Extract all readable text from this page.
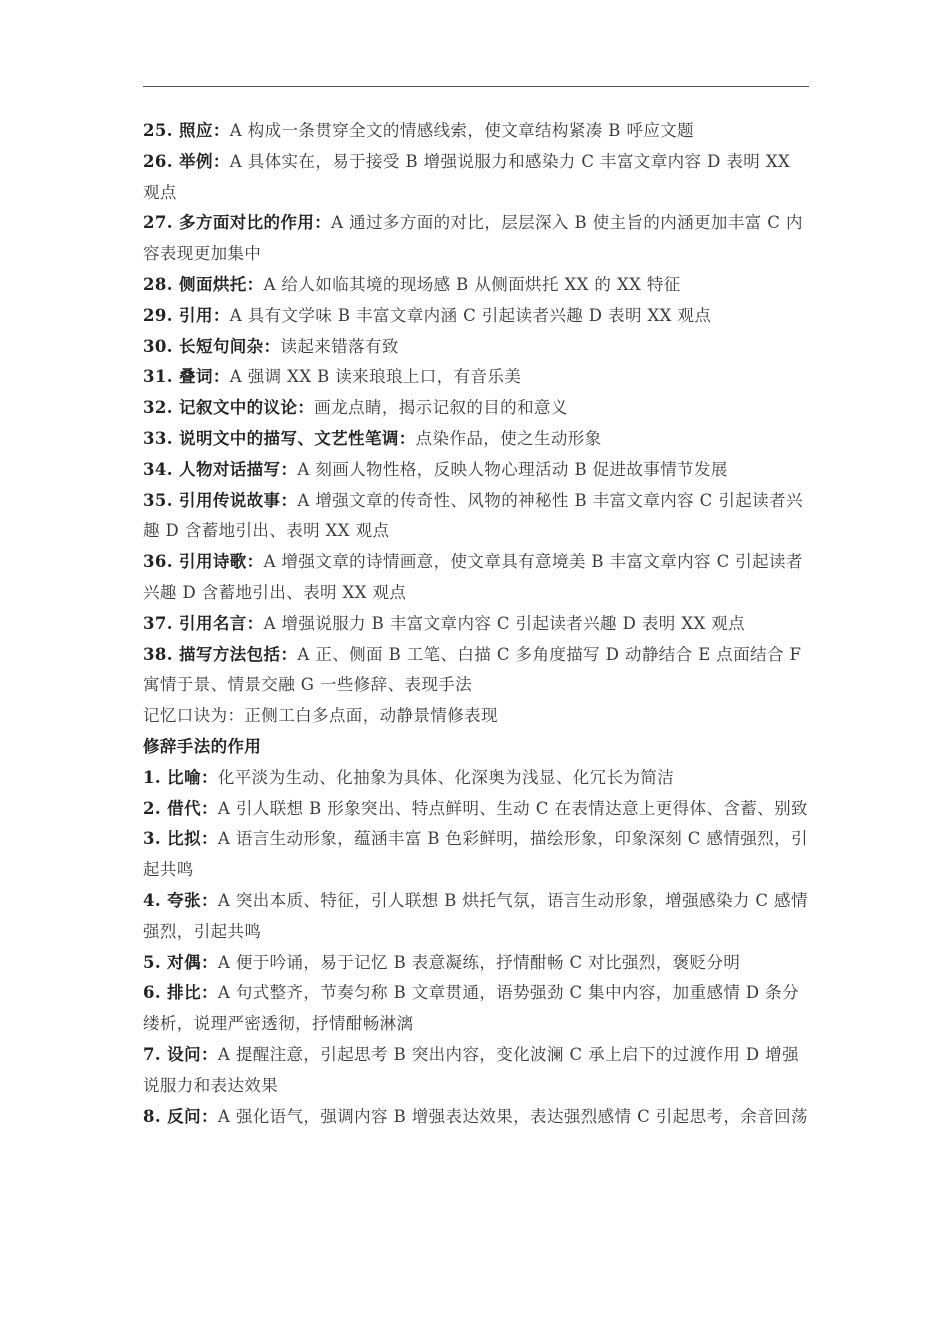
25. 照应：A 构成一条贯穿全文的情感线索，使文章结构紧凑 B 呼应文题

26. 举例：A 具体实在，易于接受 B 增强说服力和感染力 C 丰富文章内容 D 表明 XX 观点

27. 多方面对比的作用：A 通过多方面的对比，层层深入 B 使主旨的内涵更加丰富 C 内容表现更加集中

28. 侧面烘托：A 给人如临其境的现场感 B 从侧面烘托 XX 的 XX 特征

29. 引用：A 具有文学味 B 丰富文章内涵 C 引起读者兴趣 D 表明 XX 观点

30. 长短句间杂：读起来错落有致

31. 叠词：A 强调 XX B 读来琅琅上口，有音乐美

32. 记叙文中的议论：画龙点睛，揭示记叙的目的和意义

33. 说明文中的描写、文艺性笔调：点染作品，使之生动形象

34. 人物对话描写：A 刻画人物性格，反映人物心理活动 B 促进故事情节发展

35. 引用传说故事：A 增强文章的传奇性、风物的神秘性 B 丰富文章内容 C 引起读者兴趣 D 含蓄地引出、表明 XX 观点

36. 引用诗歌：A 增强文章的诗情画意，使文章具有意境美 B 丰富文章内容 C 引起读者兴趣 D 含蓄地引出、表明 XX 观点

37. 引用名言：A 增强说服力 B 丰富文章内容 C 引起读者兴趣 D 表明 XX 观点

38. 描写方法包括：A 正、侧面 B 工笔、白描 C 多角度描写 D 动静结合 E 点面结合 F 寓情于景、情景交融 G 一些修辞、表现手法

记忆口诀为：正侧工白多点面，动静景情修表现

修辞手法的作用

1. 比喻：化平淡为生动、化抽象为具体、化深奥为浅显、化冗长为简洁

2. 借代：A 引人联想 B 形象突出、特点鲜明、生动 C 在表情达意上更得体、含蓄、别致

3. 比拟：A 语言生动形象，蕴涵丰富 B 色彩鲜明，描绘形象，印象深刻 C 感情强烈，引起共鸣

4. 夸张：A 突出本质、特征，引人联想 B 烘托气氛，语言生动形象，增强感染力 C 感情强烈，引起共鸣

5. 对偶：A 便于吟诵，易于记忆 B 表意凝练，抒情酣畅 C 对比强烈，褒贬分明

6. 排比：A 句式整齐，节奏匀称 B 文章贯通，语势强劲 C 集中内容，加重感情 D 条分缕析，说理严密透彻，抒情酣畅淋漓

7. 设问：A 提醒注意，引起思考 B 突出内容，变化波澜 C 承上启下的过渡作用 D 增强说服力和表达效果

8. 反问：A 强化语气，强调内容 B 增强表达效果，表达强烈感情 C 引起思考，余音回荡
